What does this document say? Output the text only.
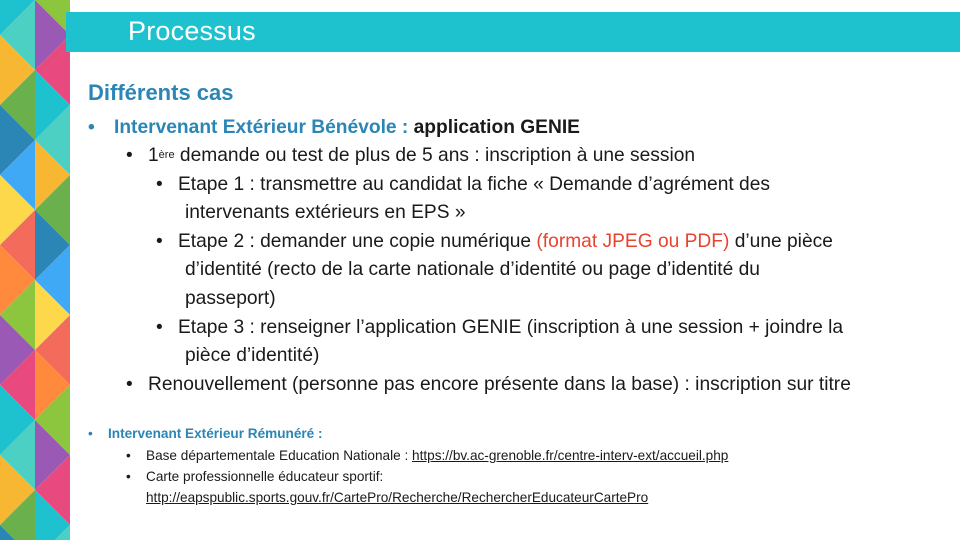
Processus
Différents cas
• Intervenant Extérieur Bénévole : application GENIE
• 1ère demande ou test de plus de 5 ans : inscription à une session
• Etape 1 : transmettre au candidat la fiche « Demande d’agrément des
intervenants extérieurs en EPS »
• Etape 2 : demander une copie numérique (format JPEG ou PDF) d’une pièce
d’identité (recto de la carte nationale d’identité ou page d’identité du
passeport)
• Etape 3 : renseigner l’application GENIE (inscription à une session + joindre la
pièce d’identité)
• Renouvellement (personne pas encore présente dans la base) : inscription sur titre
• Intervenant Extérieur Rémunéré :
• Base départementale Education Nationale : https://bv.ac-grenoble.fr/centre-interv-ext/accueil.php
• Carte professionnelle éducateur sportif:
http://eapspublic.sports.gouv.fr/CartePro/Recherche/RechercherEducateurCartePro
